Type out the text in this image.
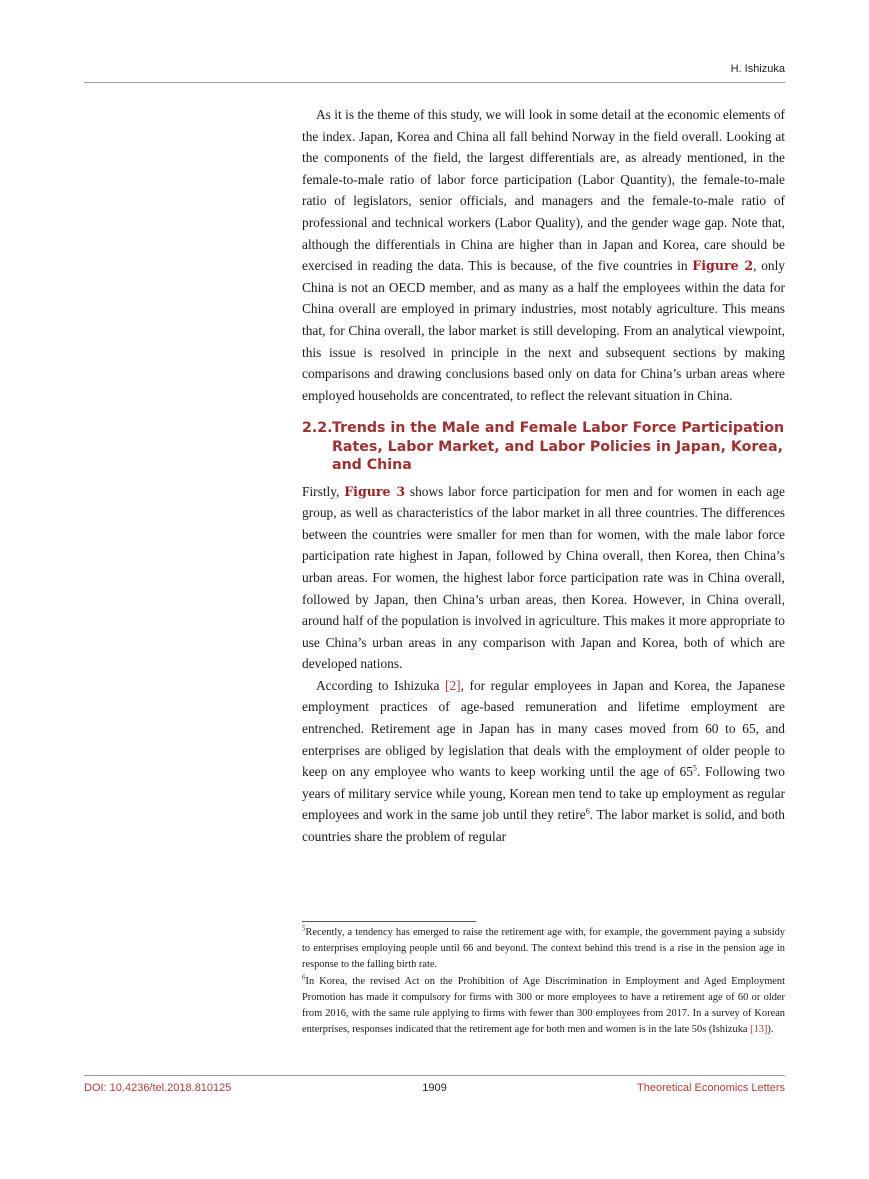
H. Ishizuka

As it is the theme of this study, we will look in some detail at the economic elements of the index. Japan, Korea and China all fall behind Norway in the field overall. Looking at the components of the field, the largest differentials are, as already mentioned, in the female-to-male ratio of labor force participation (Labor Quantity), the female-to-male ratio of legislators, senior officials, and managers and the female-to-male ratio of professional and technical workers (Labor Quality), and the gender wage gap. Note that, although the differentials in China are higher than in Japan and Korea, care should be exercised in reading the data. This is because, of the five countries in Figure 2, only China is not an OECD member, and as many as a half the employees within the data for China overall are employed in primary industries, most notably agriculture. This means that, for China overall, the labor market is still developing. From an analytical viewpoint, this issue is resolved in principle in the next and subsequent sections by making comparisons and drawing conclusions based only on data for China’s urban areas where employed households are concentrated, to reflect the relevant situation in China.

2.2. Trends in the Male and Female Labor Force Participation Rates, Labor Market, and Labor Policies in Japan, Korea, and China

Firstly, Figure 3 shows labor force participation for men and for women in each age group, as well as characteristics of the labor market in all three countries. The differences between the countries were smaller for men than for women, with the male labor force participation rate highest in Japan, followed by China overall, then Korea, then China’s urban areas. For women, the highest labor force participation rate was in China overall, followed by Japan, then China’s urban areas, then Korea. However, in China overall, around half of the population is involved in agriculture. This makes it more appropriate to use China’s urban areas in any comparison with Japan and Korea, both of which are developed nations.

According to Ishizuka [2], for regular employees in Japan and Korea, the Japanese employment practices of age-based remuneration and lifetime employment are entrenched. Retirement age in Japan has in many cases moved from 60 to 65, and enterprises are obliged by legislation that deals with the employment of older people to keep on any employee who wants to keep working until the age of $65^5$. Following two years of military service while young, Korean men tend to take up employment as regular employees and work in the same job until they retire$^6$. The labor market is solid, and both countries share the problem of regular

$^5$Recently, a tendency has emerged to raise the retirement age with, for example, the government paying a subsidy to enterprises employing people until 66 and beyond. The context behind this trend is a rise in the pension age in response to the falling birth rate.

$^6$In Korea, the revised Act on the Prohibition of Age Discrimination in Employment and Aged Employment Promotion has made it compulsory for firms with 300 or more employees to have a retirement age of 60 or older from 2016, with the same rule applying to firms with fewer than 300 employees from 2017. In a survey of Korean enterprises, responses indicated that the retirement age for both men and women is in the late 50s (Ishizuka [13]).

DOI: 10.4236/tel.2018.810125	1909	Theoretical Economics Letters
